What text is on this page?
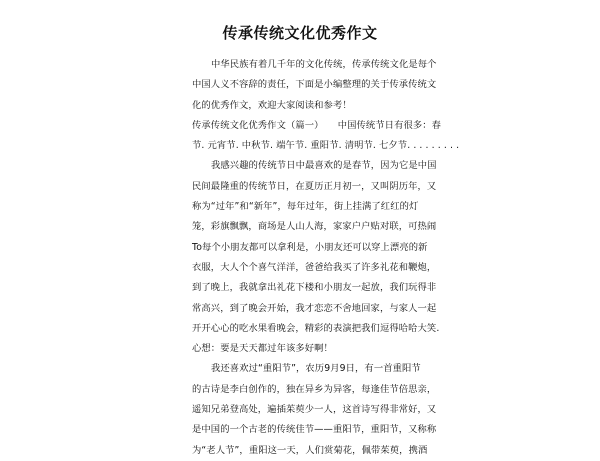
传承传统文化优秀作文
中华民族有着几千年的文化传统，传承传统文化是每个
中国人义不容辞的责任，下面是小编整理的关于传承传统文
化的优秀作文，欢迎大家阅读和参考！
传承传统文化优秀作文（篇一）　　中国传统节日有很多：春
节. 元宵节. 中秋节. 端午节. 重阳节. 清明节. 七夕节. . . . . . . . .
我感兴趣的传统节日中最喜欢的是春节，因为它是中国
民间最隆重的传统节日，在夏历正月初一，又叫阴历年，又
称为“过年”和“新年”，每年过年，街上挂满了红红的灯
笼，彩旗飘飘，商场是人山人海，家家户户贴对联，可热闹
To每个小朋友都可以拿利是，小朋友还可以穿上漂亮的新
衣服，大人个个喜气洋洋，爸爸给我买了许多礼花和鞭炮，
到了晚上，我就拿出礼花下楼和小朋友一起放，我们玩得非
常高兴，到了晚会开始，我才恋恋不舍地回家，与家人一起
开开心心的吃水果看晚会，精彩的表演把我们逗得哈哈大笑.
心想：要是天天都过年该多好啊！
我还喜欢过“重阳节”，农历9月9日，有一首重阳节
的古诗是李白创作的，独在异乡为异客，每逢佳节倍思亲，
遥知兄弟登高处，遍插茱萸少一人，这首诗写得非常好，又
是中国的一个古老的传统佳节——重阳节，重阳节，又称称
为“老人节”，重阳这一天，人们赏菊花，佩带茱萸，携酒
